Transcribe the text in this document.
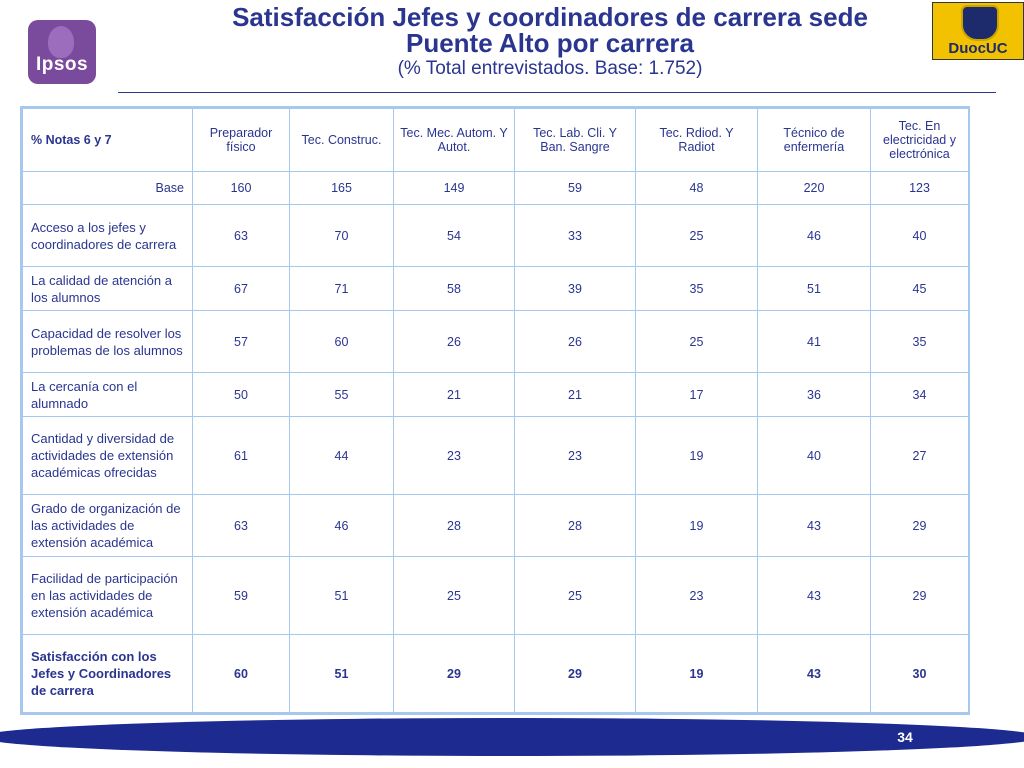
Ipsos
Satisfacción Jefes y coordinadores de carrera sede
Puente Alto por carrera
(% Total entrevistados. Base: 1.752)
DuocUC
% Notas 6 y 7	Preparador físico	Tec. Construc.	Tec. Mec. Autom. Y Autot.	Tec. Lab. Cli. Y Ban. Sangre	Tec. Rdiod. Y Radiot	Técnico de enfermería	Tec. En electricidad y electrónica
Base	160	165	149	59	48	220	123
Acceso a los jefes y coordinadores de carrera	63	70	54	33	25	46	40
La calidad de atención a los alumnos	67	71	58	39	35	51	45
Capacidad de resolver los problemas de los alumnos	57	60	26	26	25	41	35
La cercanía con el alumnado	50	55	21	21	17	36	34
Cantidad y diversidad de actividades de extensión académicas ofrecidas	61	44	23	23	19	40	27
Grado de organización de las actividades de extensión académica	63	46	28	28	19	43	29
Facilidad de participación en las actividades de extensión académica	59	51	25	25	23	43	29
Satisfacción con los Jefes y Coordinadores de carrera	60	51	29	29	19	43	30
34
